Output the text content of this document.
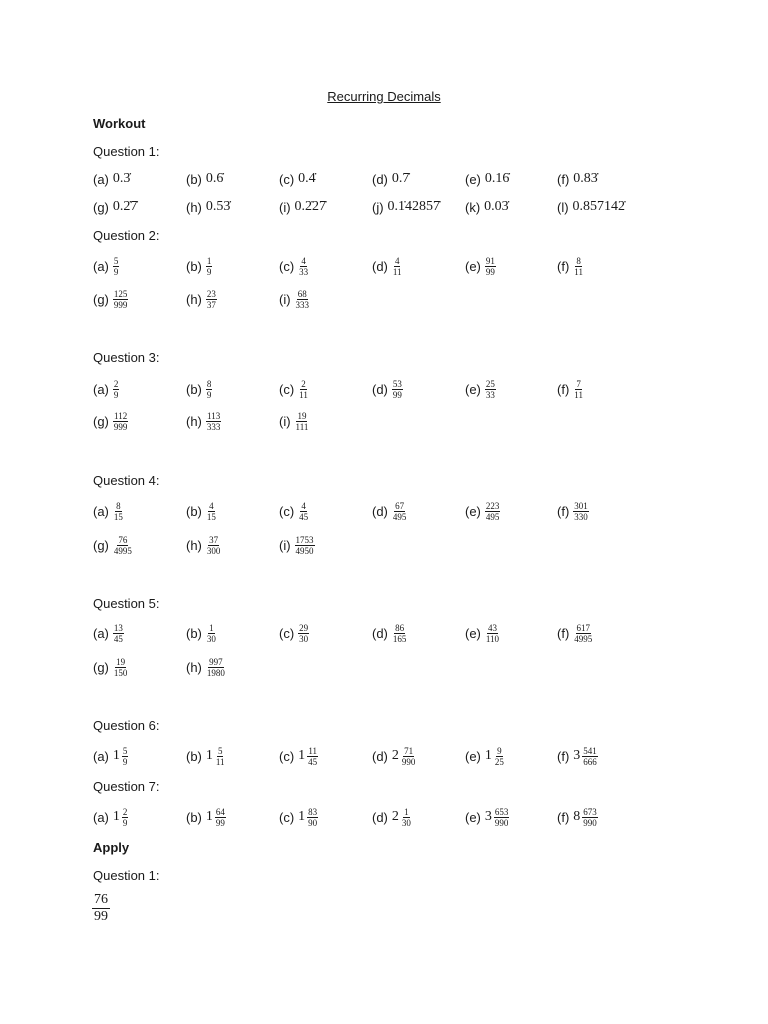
Recurring Decimals
Workout
Question 1:
(a) 0.3̇	(b) 0.6̇	(c) 0.4̇	(d) 0.7̇	(e) 0.16̇	(f) 0.83̇
(g) 0.2̇7̇	(h) 0.53̇	(i) 0.2̇27̇	(j) 0.1̇42857̇ (k) 0.03̇	(l) 0.857142̇
Question 2:
$(a) \frac{5}{9}$	$(b) \frac{1}{9}$	$(c) \frac{4}{33}$	$(d) \frac{4}{11}$	$(e) \frac{91}{99}$	$(f) \frac{8}{11}$
$(g) \frac{125}{999}$	$(h) \frac{23}{37}$	$(i) \frac{68}{333}$
Question 3:
$(a) \frac{2}{9}$	$(b) \frac{8}{9}$	$(c) \frac{2}{11}$	$(d) \frac{53}{99}$	$(e) \frac{25}{33}$	$(f) \frac{7}{11}$
$(g) \frac{112}{999}$	$(h) \frac{113}{333}$	$(i) \frac{19}{111}$
Question 4:
$(a) \frac{8}{15}$	$(b) \frac{4}{15}$	$(c) \frac{4}{45}$	$(d) \frac{67}{495}$	$(e) \frac{223}{495}$	$(f) \frac{301}{330}$
$(g) \frac{76}{4995}$	$(h) \frac{37}{300}$	$(i) \frac{1753}{4950}$
Question 5:
$(a) \frac{13}{45}$	$(b) \frac{1}{30}$	$(c) \frac{29}{30}$	$(d) \frac{86}{165}$	$(e) \frac{43}{110}$	$(f) \frac{617}{4995}$
$(g) \frac{19}{150}$	$(h) \frac{997}{1980}$
Question 6:
(a) $1 \frac{5}{9}$	(b) $1 \frac{5}{11}$	(c) $1 \frac{11}{45}$	(d) $2 \frac{71}{990}$	(e) $1 \frac{9}{25}$	(f) $3 \frac{541}{666}$
Question 7:
(a) $1 \frac{2}{9}$	(b) $1 \frac{64}{99}$	(c) $1 \frac{83}{90}$	(d) $2 \frac{1}{30}$	(e) $3 \frac{653}{990}$	(f) $8 \frac{673}{990}$
Apply
Question 1:
$\frac{76}{99}$
